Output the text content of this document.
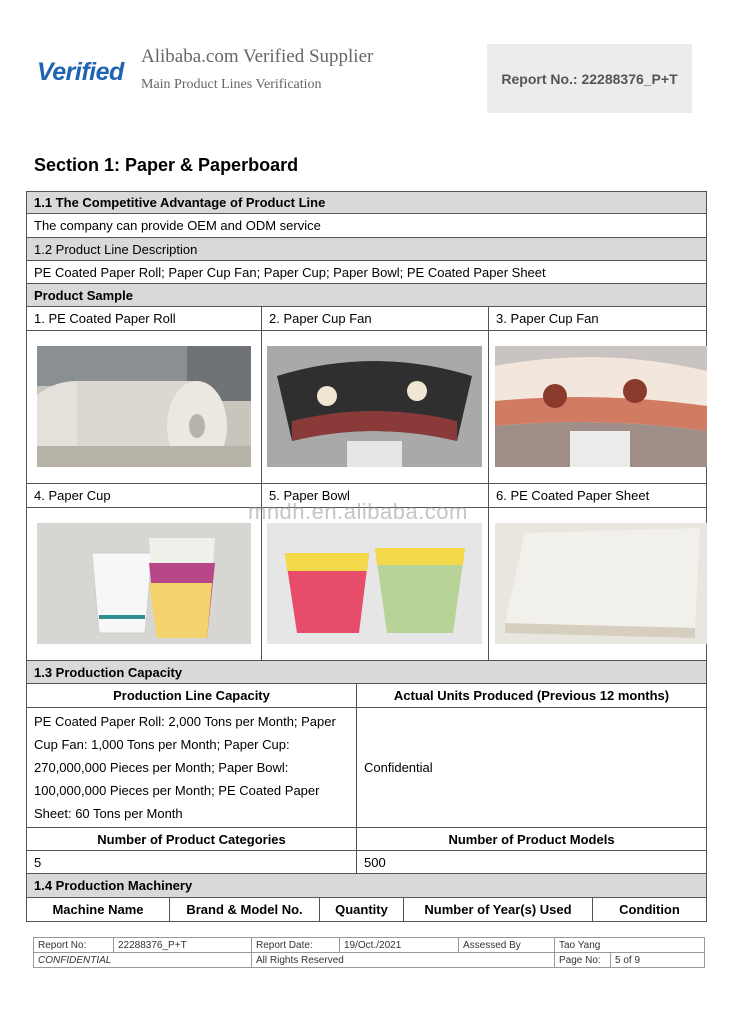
Verified
Alibaba.com Verified Supplier
Main Product Lines Verification	Report No.: 22288376_P+T
Section 1: Paper & Paperboard
1.1 The Competitive Advantage of Product Line
The company can provide OEM and ODM service
1.2 Product Line Description
PE Coated Paper Roll; Paper Cup Fan; Paper Cup; Paper Bowl; PE Coated Paper Sheet
Product Sample
1. PE Coated Paper Roll	2. Paper Cup Fan	3. Paper Cup Fan
4. Paper Cup	5. Paper Bowl	6. PE Coated Paper Sheet
1.3 Production Capacity
Production Line Capacity	Actual Units Produced (Previous 12 months)
PE Coated Paper Roll: 2,000 Tons per Month; Paper
Cup Fan: 1,000 Tons per Month; Paper Cup:
270,000,000 Pieces per Month; Paper Bowl:
100,000,000 Pieces per Month; PE Coated Paper
Sheet: 60 Tons per Month
Confidential
Number of Product Categories	Number of Product Models
5	500
1.4 Production Machinery
Machine Name	Brand & Model No.	Quantity	Number of Year(s) Used	Condition
mndh.en.alibaba.com
Report No:	22288376_P+T	Report Date:	19/Oct./2021	Assessed By	Tao Yang	
CONFIDENTIAL		All Rights Reserved			Page No:	5 of 9
